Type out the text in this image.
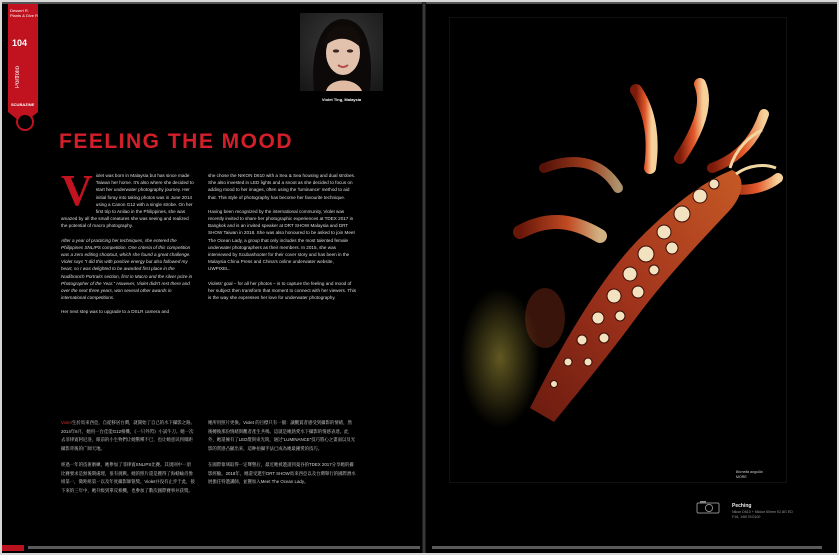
Dessert R. Plants & Dive R
104
Portfolio
SCUBAZINE
Violet Ting, Malaysia
FEELING THE MOOD

Violet was born in Malaysia but has since made Taiwan her home. It's also where she decided to start her underwater photography journey. Her initial foray into taking photos was in June 2014 using a Canon G12 with a single strobe. On her first trip to Anilao in the Philippines, she was amazed by all the small creatures she was seeing and realized the potential of macro photography.

After a year of practicing her techniques, she entered the Philippines SNLIPS competition. One criteria of this competition was a zero editing shootout, which she found a great challenge. Violet says "I did this with positive energy but also followed my heart, so I was delighted to be awarded first place in the Nudibranch Portraits section, first in Macro and the silver prize in Photographer of the Year." However, Violet didn't rest there and over the next three years, won several other awards in international competitions.

Her next step was to upgrade to a DSLR camera and

she chose the NIKON D610 with a Sea & Sea housing and dual strobes. She also invested in LED lights and a snoot as she decided to focus on adding mood to her images, often using the 'luminance' method to aid that. This style of photography has become her favourite technique.

Having been recognized by the international community, Violet was recently invited to share her photographic experiences at TDEX 2017 in Bangkok and is an invited speaker at DRT SHOW Malaysia and DRT SHOW Taiwan in 2018. She was also honoured to be asked to join Meet The Ocean Lady, a group that only includes the most talented female underwater photographers as their members. In 2015, she was interviewed by Scubashooter for their cover story and has been in the Malaysia China Press and China's online underwater website, UWPIXEL.

Violets' goal – for all her photos – is to capture the feeling and mood of her subject then transform that moment to connect with her viewers. This is the way she expresses her love for underwater photography.

Violet生於馬來西亞，自從移居台灣，就開始了自己的水下攝影之路。2014年6月，她用一台佳能G12相機，《一只外閃》小試牛刀。她一次去菲律賓阿尼洛，眼前的小生物們让她驚嘆不已，也让她意识到微距攝影背後的广阔天地。

經過一年的技術磨練，她參加了菲律賓SNLIPS比賽。其規則中一項比賽要求是無後期處理，很有挑戰。她的照片還是獲得了海蛞蝓肖像組第一，微距組第一以及年度攝影師银獎。Violet并没有止步于此，接下來的三年中，她升级到單反相機，也參加了數次國際賽事并获獎。

她所用照片更換。Violet 的目標只有一個：讓觀賞者感受到攝影的情緒，然後轉換那份情緒與觀者產生共鳴。這就是她熱愛水下攝影的情感表達。此外，她還擁有了LED燈與束光筒，通过“LUMINANCE”技巧將心之畫面以及光影的質感凸顯出來，這种拍攝手法已成為她最鍾愛的技巧。

在國際領域取得一定聲譽后，最近她被邀請到曼谷的TDEX 2017分享她的攝影經驗。2018年，她還受邀至DRT SHOW馬來西亞以及台灣舉行的國際潛水展擔任特邀講師，並獲加入Meet The Ocean Lady。

Bornella anguilla
MORE
Peching
Nikon D610 + Nikkor 60mm f/2.8G ED
F16, 1/60 ISO100
